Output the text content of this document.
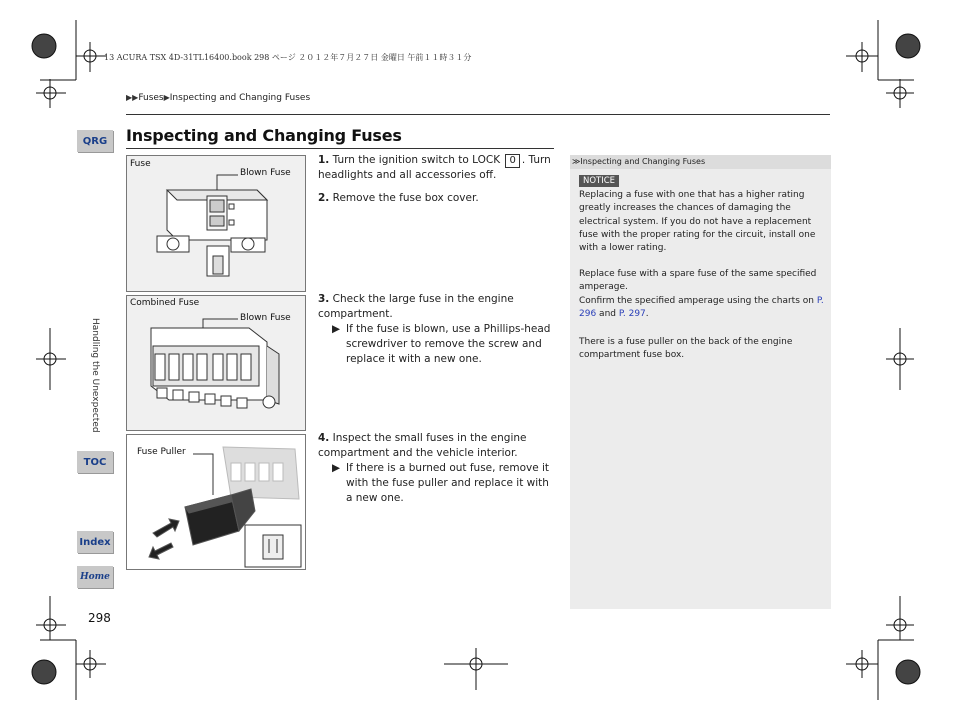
13 ACURA TSX 4D-31TL16400.book 298 ページ ２０１２年７月２７日 金曜日 午前１１時３１分
▶▶Fuses▶Inspecting and Changing Fuses
Inspecting and Changing Fuses
QRG
Handling the Unexpected
TOC
Index
Home
298
Fuse
Blown Fuse
Combined Fuse
Blown Fuse
Fuse Puller
1. Turn the ignition switch to LOCK 0 . Turn headlights and all accessories off.
2. Remove the fuse box cover.
3. Check the large fuse in the engine compartment.
▶ If the fuse is blown, use a Phillips-head screwdriver to remove the screw and replace it with a new one.
4. Inspect the small fuses in the engine compartment and the vehicle interior.
▶ If there is a burned out fuse, remove it with the fuse puller and replace it with a new one.
≫Inspecting and Changing Fuses
NOTICE
Replacing a fuse with one that has a higher rating greatly increases the chances of damaging the electrical system. If you do not have a replacement fuse with the proper rating for the circuit, install one with a lower rating.
Replace fuse with a spare fuse of the same specified amperage.
Confirm the specified amperage using the charts on P. 296 and P. 297.
There is a fuse puller on the back of the engine compartment fuse box.
